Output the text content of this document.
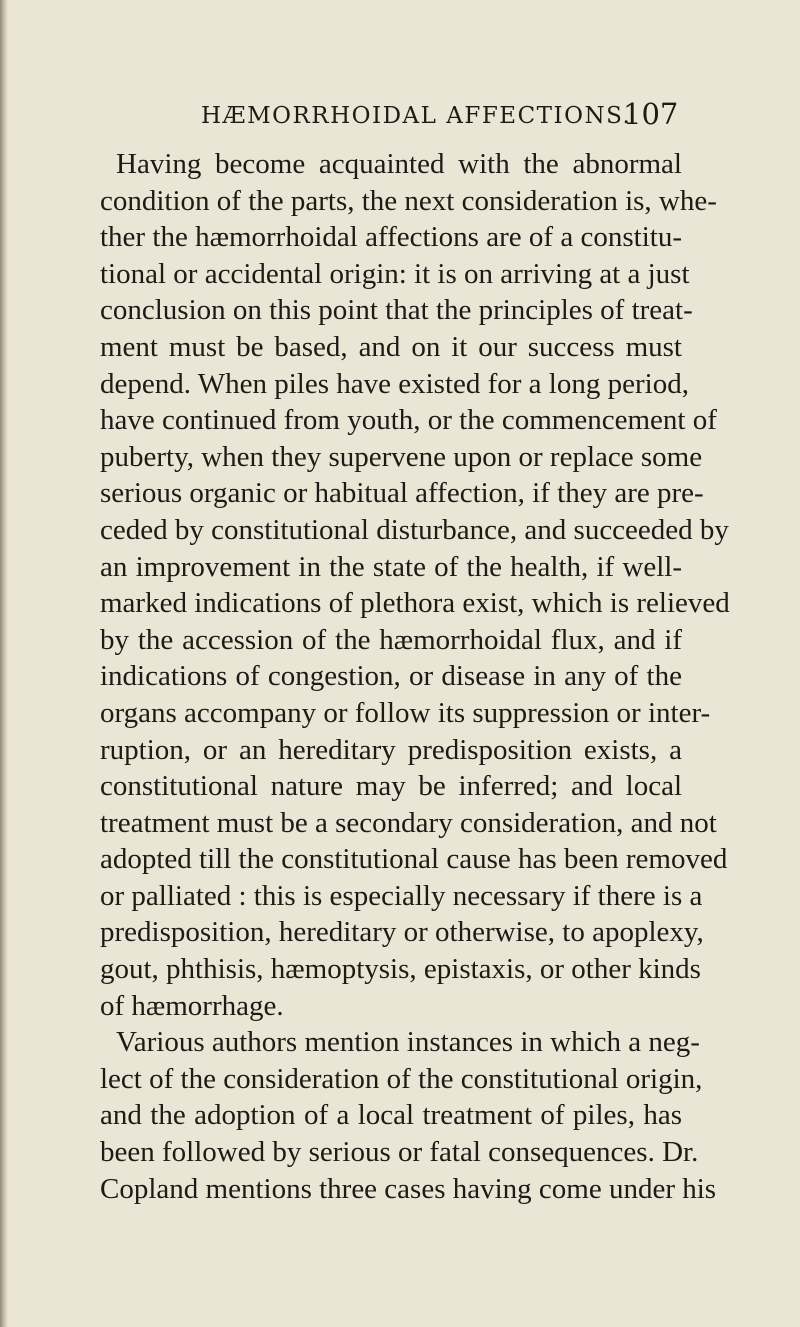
HÆMORRHOIDAL AFFECTIONS.
107
Having become acquainted with the abnormal
condition of the parts, the next consideration is, whe-
ther the hæmorrhoidal affections are of a constitu-
tional or accidental origin: it is on arriving at a just
conclusion on this point that the principles of treat-
ment must be based, and on it our success must
depend. When piles have existed for a long period,
have continued from youth, or the commencement of
puberty, when they supervene upon or replace some
serious organic or habitual affection, if they are pre-
ceded by constitutional disturbance, and succeeded by
an improvement in the state of the health, if well-
marked indications of plethora exist, which is relieved
by the accession of the hæmorrhoidal flux, and if
indications of congestion, or disease in any of the
organs accompany or follow its suppression or inter-
ruption, or an hereditary predisposition exists, a
constitutional nature may be inferred; and local
treatment must be a secondary consideration, and not
adopted till the constitutional cause has been removed
or palliated : this is especially necessary if there is a
predisposition, hereditary or otherwise, to apoplexy,
gout, phthisis, hæmoptysis, epistaxis, or other kinds
of hæmorrhage.
Various authors mention instances in which a neg-
lect of the consideration of the constitutional origin,
and the adoption of a local treatment of piles, has
been followed by serious or fatal consequences. Dr.
Copland mentions three cases having come under his
